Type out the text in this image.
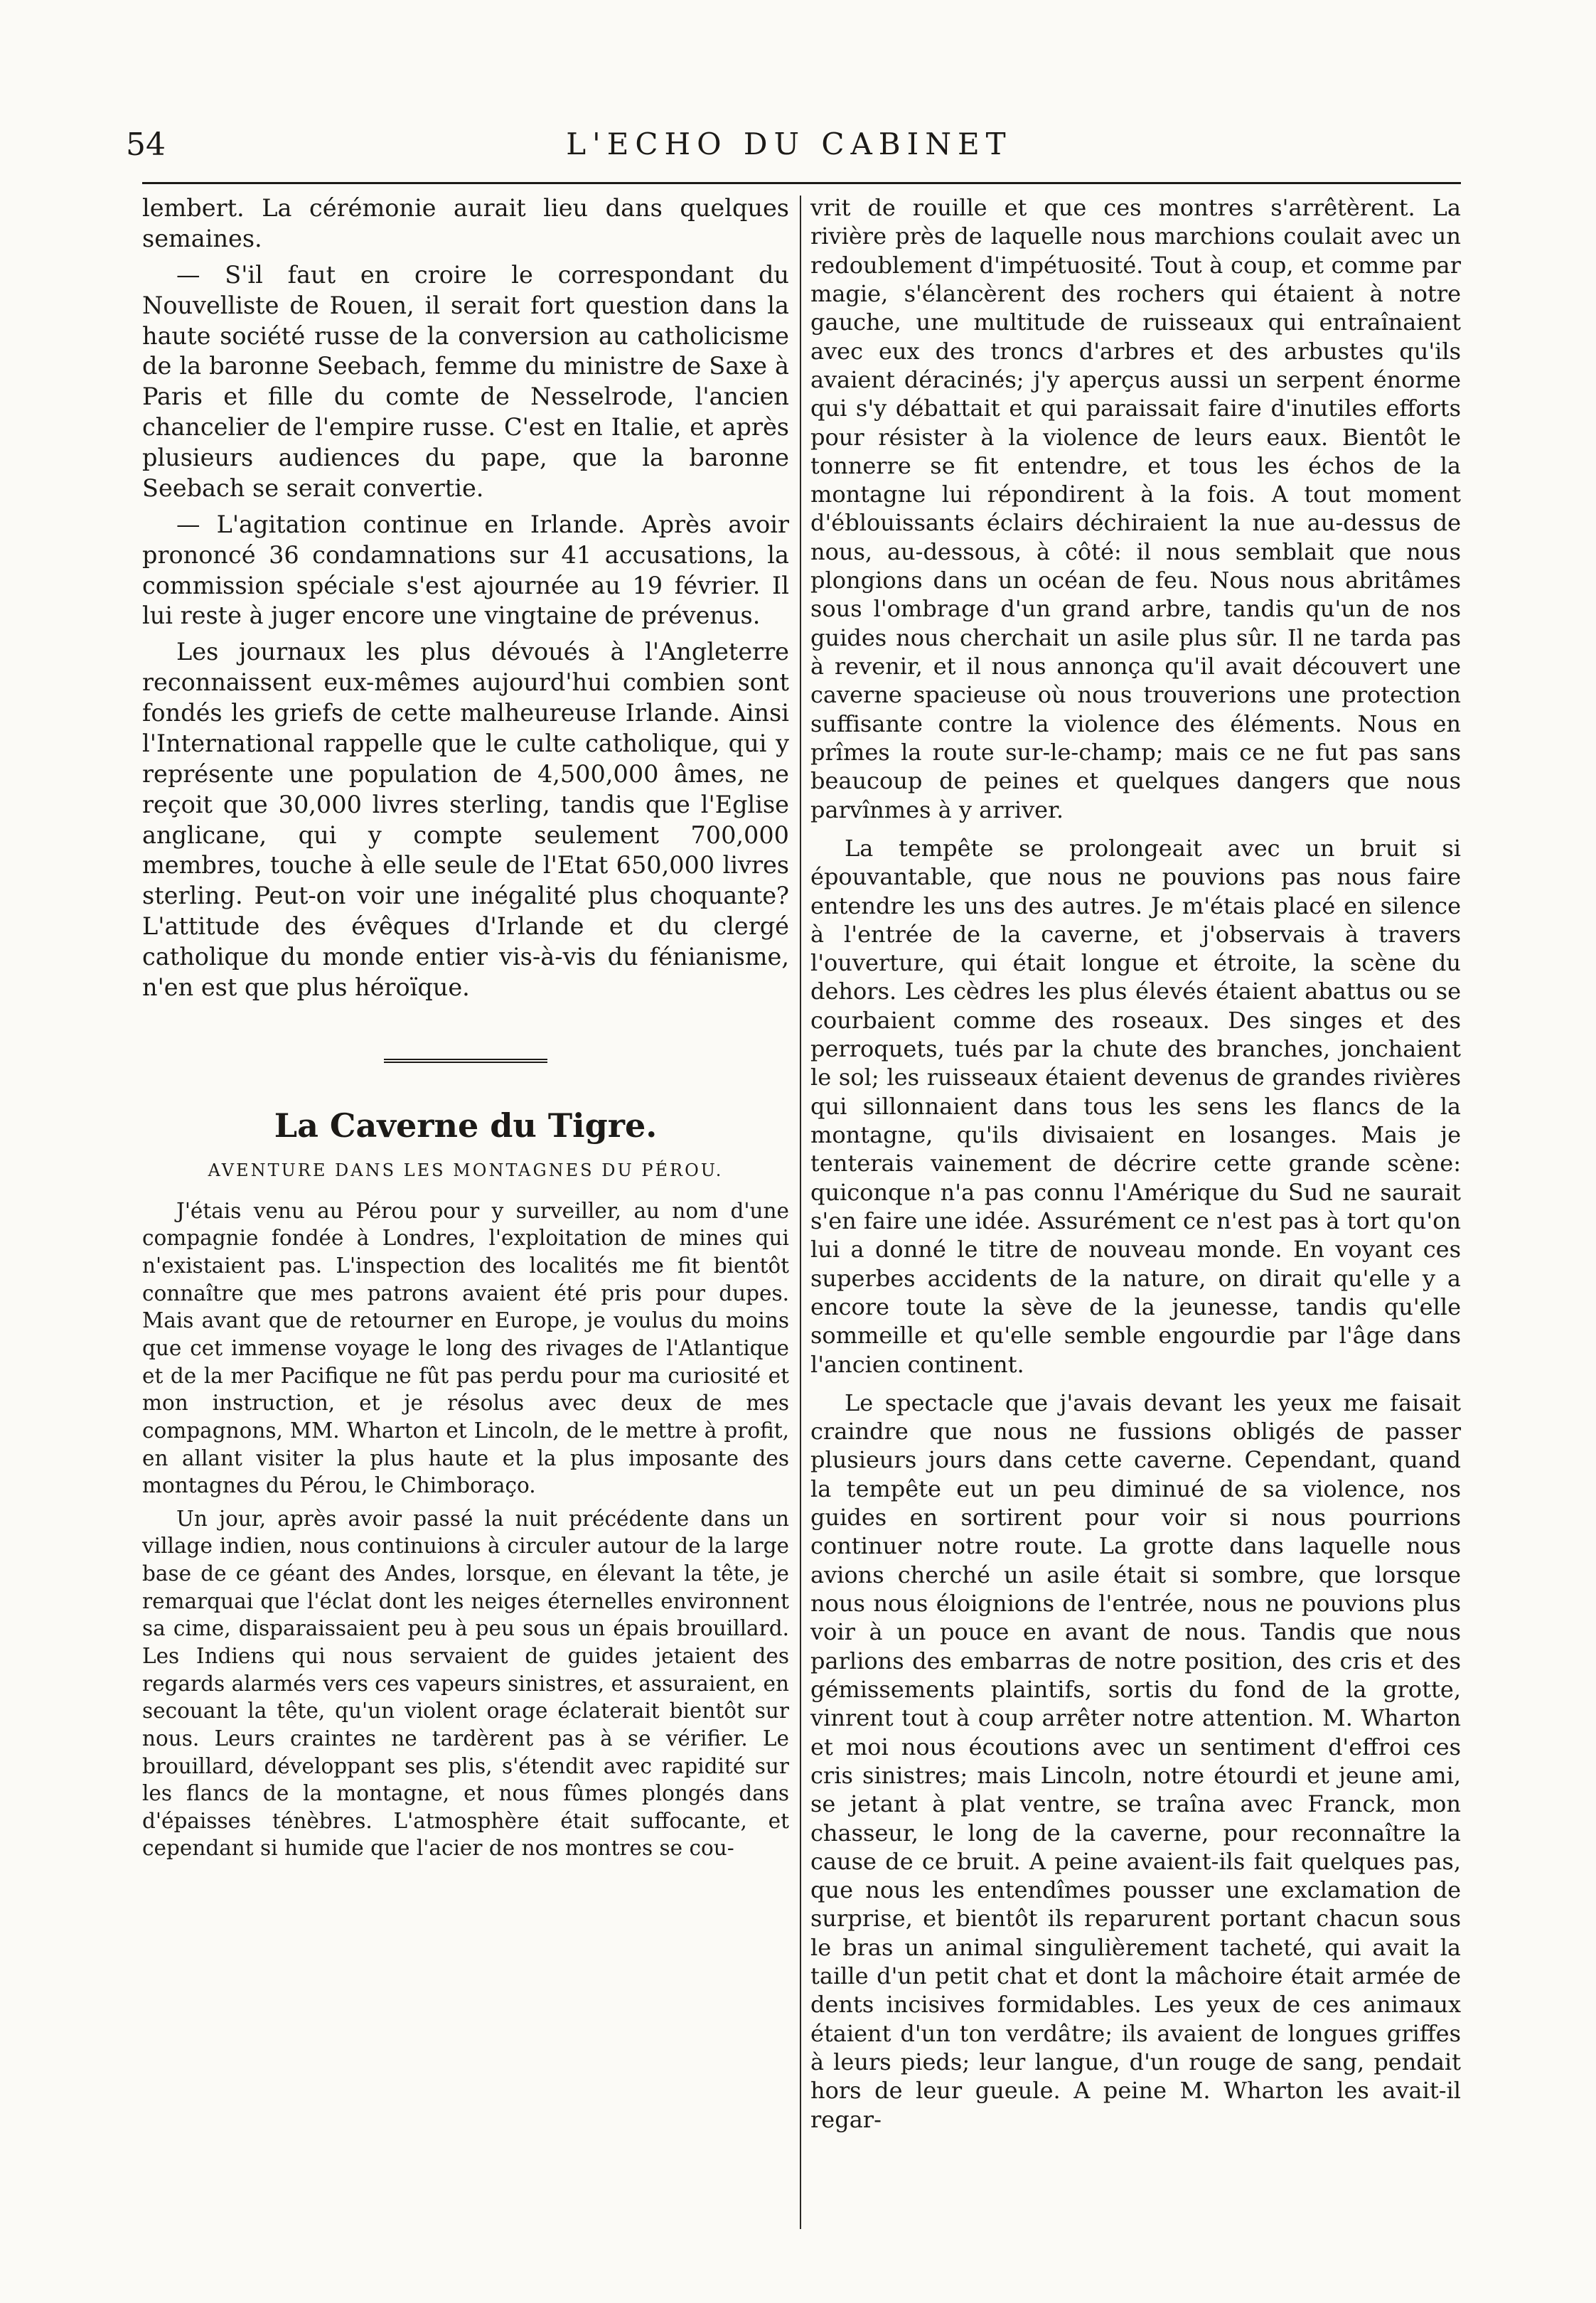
54	L'ECHO DU CABINET

lembert. La cérémonie aurait lieu dans quelques semaines.

— S'il faut en croire le correspondant du Nouvelliste de Rouen, il serait fort question dans la haute société russe de la conversion au catholicisme de la baronne Seebach, femme du ministre de Saxe à Paris et fille du comte de Nesselrode, l'ancien chancelier de l'empire russe. C'est en Italie, et après plusieurs audiences du pape, que la baronne Seebach se serait convertie.

— L'agitation continue en Irlande. Après avoir prononcé 36 condamnations sur 41 accusations, la commission spéciale s'est ajournée au 19 février. Il lui reste à juger encore une vingtaine de prévenus.

Les journaux les plus dévoués à l'Angleterre reconnaissent eux-mêmes aujourd'hui combien sont fondés les griefs de cette malheureuse Irlande. Ainsi l'International rappelle que le culte catholique, qui y représente une population de 4,500,000 âmes, ne reçoit que 30,000 livres sterling, tandis que l'Eglise anglicane, qui y compte seulement 700,000 membres, touche à elle seule de l'Etat 650,000 livres sterling. Peut-on voir une inégalité plus choquante? L'attitude des évêques d'Irlande et du clergé catholique du monde entier vis-à-vis du fénianisme, n'en est que plus héroïque.

La Caverne du Tigre.
AVENTURE DANS LES MONTAGNES DU PÉROU.

J'étais venu au Pérou pour y surveiller, au nom d'une compagnie fondée à Londres, l'exploitation de mines qui n'existaient pas. L'inspection des localités me fit bientôt connaître que mes patrons avaient été pris pour dupes. Mais avant que de retourner en Europe, je voulus du moins que cet immense voyage le long des rivages de l'Atlantique et de la mer Pacifique ne fût pas perdu pour ma curiosité et mon instruction, et je résolus avec deux de mes compagnons, MM. Wharton et Lincoln, de le mettre à profit, en allant visiter la plus haute et la plus imposante des montagnes du Pérou, le Chimboraço.

Un jour, après avoir passé la nuit précédente dans un village indien, nous continuions à circuler autour de la large base de ce géant des Andes, lorsque, en élevant la tête, je remarquai que l'éclat dont les neiges éternelles environnent sa cime, disparaissaient peu à peu sous un épais brouillard. Les Indiens qui nous servaient de guides jetaient des regards alarmés vers ces vapeurs sinistres, et assuraient, en secouant la tête, qu'un violent orage éclaterait bientôt sur nous. Leurs craintes ne tardèrent pas à se vérifier. Le brouillard, développant ses plis, s'étendit avec rapidité sur les flancs de la montagne, et nous fûmes plongés dans d'épaisses ténèbres. L'atmosphère était suffocante, et cependant si humide que l'acier de nos montres se cou-

vrit de rouille et que ces montres s'arrêtèrent. La rivière près de laquelle nous marchions coulait avec un redoublement d'impétuosité. Tout à coup, et comme par magie, s'élancèrent des rochers qui étaient à notre gauche, une multitude de ruisseaux qui entraînaient avec eux des troncs d'arbres et des arbustes qu'ils avaient déracinés; j'y aperçus aussi un serpent énorme qui s'y débattait et qui paraissait faire d'inutiles efforts pour résister à la violence de leurs eaux. Bientôt le tonnerre se fit entendre, et tous les échos de la montagne lui répondirent à la fois. A tout moment d'éblouissants éclairs déchiraient la nue au-dessus de nous, au-dessous, à côté: il nous semblait que nous plongions dans un océan de feu. Nous nous abritâmes sous l'ombrage d'un grand arbre, tandis qu'un de nos guides nous cherchait un asile plus sûr. Il ne tarda pas à revenir, et il nous annonça qu'il avait découvert une caverne spacieuse où nous trouverions une protection suffisante contre la violence des éléments. Nous en prîmes la route sur-le-champ; mais ce ne fut pas sans beaucoup de peines et quelques dangers que nous parvînmes à y arriver.

La tempête se prolongeait avec un bruit si épouvantable, que nous ne pouvions pas nous faire entendre les uns des autres. Je m'étais placé en silence à l'entrée de la caverne, et j'observais à travers l'ouverture, qui était longue et étroite, la scène du dehors. Les cèdres les plus élevés étaient abattus ou se courbaient comme des roseaux. Des singes et des perroquets, tués par la chute des branches, jonchaient le sol; les ruisseaux étaient devenus de grandes rivières qui sillonnaient dans tous les sens les flancs de la montagne, qu'ils divisaient en losanges. Mais je tenterais vainement de décrire cette grande scène: quiconque n'a pas connu l'Amérique du Sud ne saurait s'en faire une idée. Assurément ce n'est pas à tort qu'on lui a donné le titre de nouveau monde. En voyant ces superbes accidents de la nature, on dirait qu'elle y a encore toute la sève de la jeunesse, tandis qu'elle sommeille et qu'elle semble engourdie par l'âge dans l'ancien continent.

Le spectacle que j'avais devant les yeux me faisait craindre que nous ne fussions obligés de passer plusieurs jours dans cette caverne. Cependant, quand la tempête eut un peu diminué de sa violence, nos guides en sortirent pour voir si nous pourrions continuer notre route. La grotte dans laquelle nous avions cherché un asile était si sombre, que lorsque nous nous éloignions de l'entrée, nous ne pouvions plus voir à un pouce en avant de nous. Tandis que nous parlions des embarras de notre position, des cris et des gémissements plaintifs, sortis du fond de la grotte, vinrent tout à coup arrêter notre attention. M. Wharton et moi nous écoutions avec un sentiment d'effroi ces cris sinistres; mais Lincoln, notre étourdi et jeune ami, se jetant à plat ventre, se traîna avec Franck, mon chasseur, le long de la caverne, pour reconnaître la cause de ce bruit. A peine avaient-ils fait quelques pas, que nous les entendîmes pousser une exclamation de surprise, et bientôt ils reparurent portant chacun sous le bras un animal singulièrement tacheté, qui avait la taille d'un petit chat et dont la mâchoire était armée de dents incisives formidables. Les yeux de ces animaux étaient d'un ton verdâtre; ils avaient de longues griffes à leurs pieds; leur langue, d'un rouge de sang, pendait hors de leur gueule. A peine M. Wharton les avait-il regar-
